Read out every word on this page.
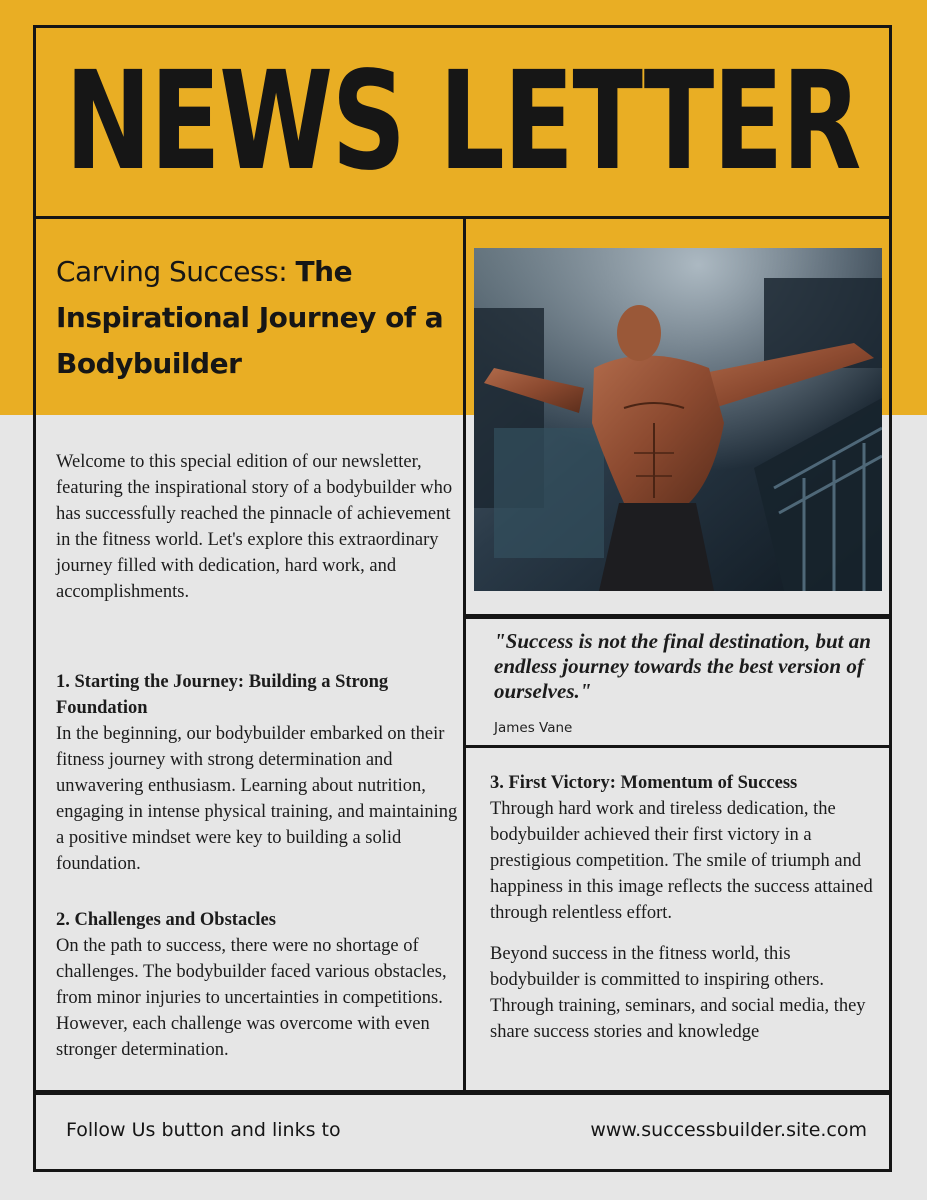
NEWS LETTER
Carving Success: The Inspirational Journey of a Bodybuilder

Welcome to this special edition of our newsletter, featuring the inspirational story of a bodybuilder who has successfully reached the pinnacle of achievement in the fitness world. Let's explore this extraordinary journey filled with dedication, hard work, and accomplishments.

1. Starting the Journey: Building a Strong Foundation

In the beginning, our bodybuilder embarked on their fitness journey with strong determination and unwavering enthusiasm. Learning about nutrition, engaging in intense physical training, and maintaining a positive mindset were key to building a solid foundation.

2. Challenges and Obstacles

On the path to success, there were no shortage of challenges. The bodybuilder faced various obstacles, from minor injuries to uncertainties in competitions. However, each challenge was overcome with even stronger determination.

"Success is not the final destination, but an endless journey towards the best version of ourselves."
James Vane

3. First Victory: Momentum of Success

Through hard work and tireless dedication, the bodybuilder achieved their first victory in a prestigious competition. The smile of triumph and happiness in this image reflects the success attained through relentless effort.

Beyond success in the fitness world, this bodybuilder is committed to inspiring others. Through training, seminars, and social media, they share success stories and knowledge

Follow Us button and links to	www.successbuilder.site.com
